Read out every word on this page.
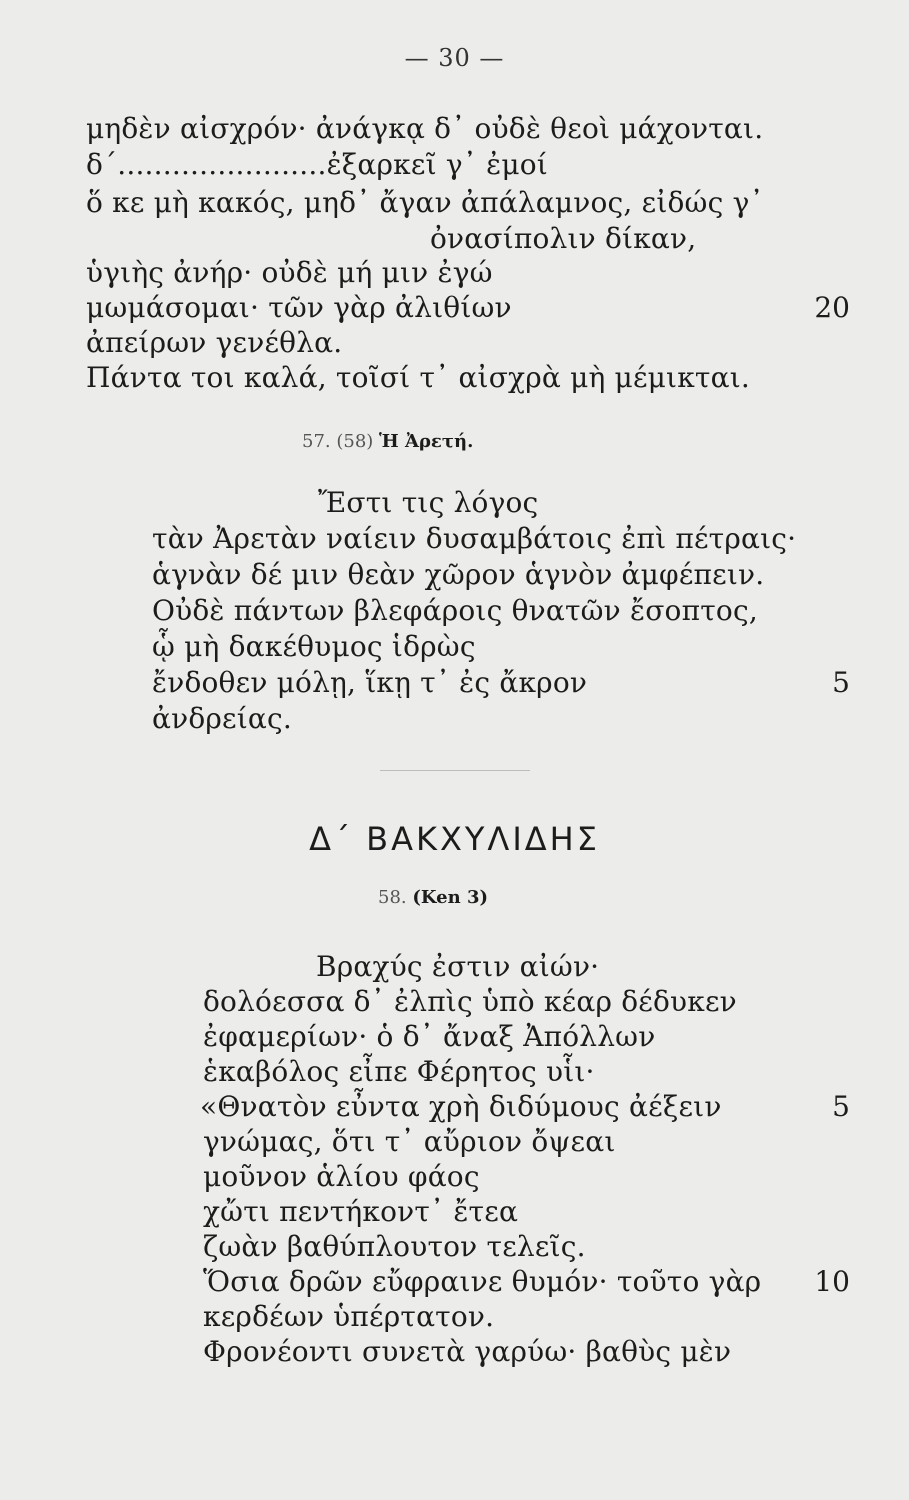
— 30 —
μηδὲν αἰσχρόν· ἀνάγκᾳ δ᾽ οὐδὲ θεοὶ μάχονται.
δ΄.......................ἐξαρκεῖ γ᾽ ἐμοί
ὅ κε μὴ κακός, μηδ᾽ ἄγαν ἀπάλαμνος, εἰδώς γ᾽
ὀνασίπολιν δίκαν,
ὑγιὴς ἀνήρ· οὐδὲ μή μιν ἐγώ
μωμάσομαι· τῶν γὰρ ἀλιθίων
ἀπείρων γενέθλα.
Πάντα τοι καλά, τοῖσί τ᾽ αἰσχρὰ μὴ μέμικται.
20
57. (58) Ἡ Ἀρετή.
Ἔστι τις λόγος
τὰν Ἀρετὰν ναίειν δυσαμβάτοις ἐπὶ πέτραις·
ἁγνὰν δέ μιν θεὰν χῶρον ἁγνὸν ἀμφέπειν.
Οὐδὲ πάντων βλεφάροις θνατῶν ἔσοπτος,
ᾧ μὴ δακέθυμος ἱδρὼς
ἔνδοθεν μόλῃ, ἵκῃ τ᾽ ἐς ἄκρον
ἀνδρείας.
5
Δ΄ ΒΑΚΧΥΛΙΔΗΣ
58. (Ken 3)
Βραχύς ἐστιν αἰών·
δολόεσσα δ᾽ ἐλπὶς ὑπὸ κέαρ δέδυκεν
ἐφαμερίων· ὁ δ᾽ ἄναξ Ἀπόλλων
ἑκαβόλος εἶπε Φέρητος υἷι·
«Θνατὸν εὖντα χρὴ διδύμους ἀέξειν
γνώμας, ὅτι τ᾽ αὔριον ὄψεαι
μοῦνον ἁλίου φάος
χὤτι πεντήκοντ᾽ ἔτεα
ζωὰν βαθύπλουτον τελεῖς.
Ὅσια δρῶν εὔφραινε θυμόν· τοῦτο γὰρ
κερδέων ὑπέρτατον.
Φρονέοντι συνετὰ γαρύω· βαθὺς μὲν
5
10
